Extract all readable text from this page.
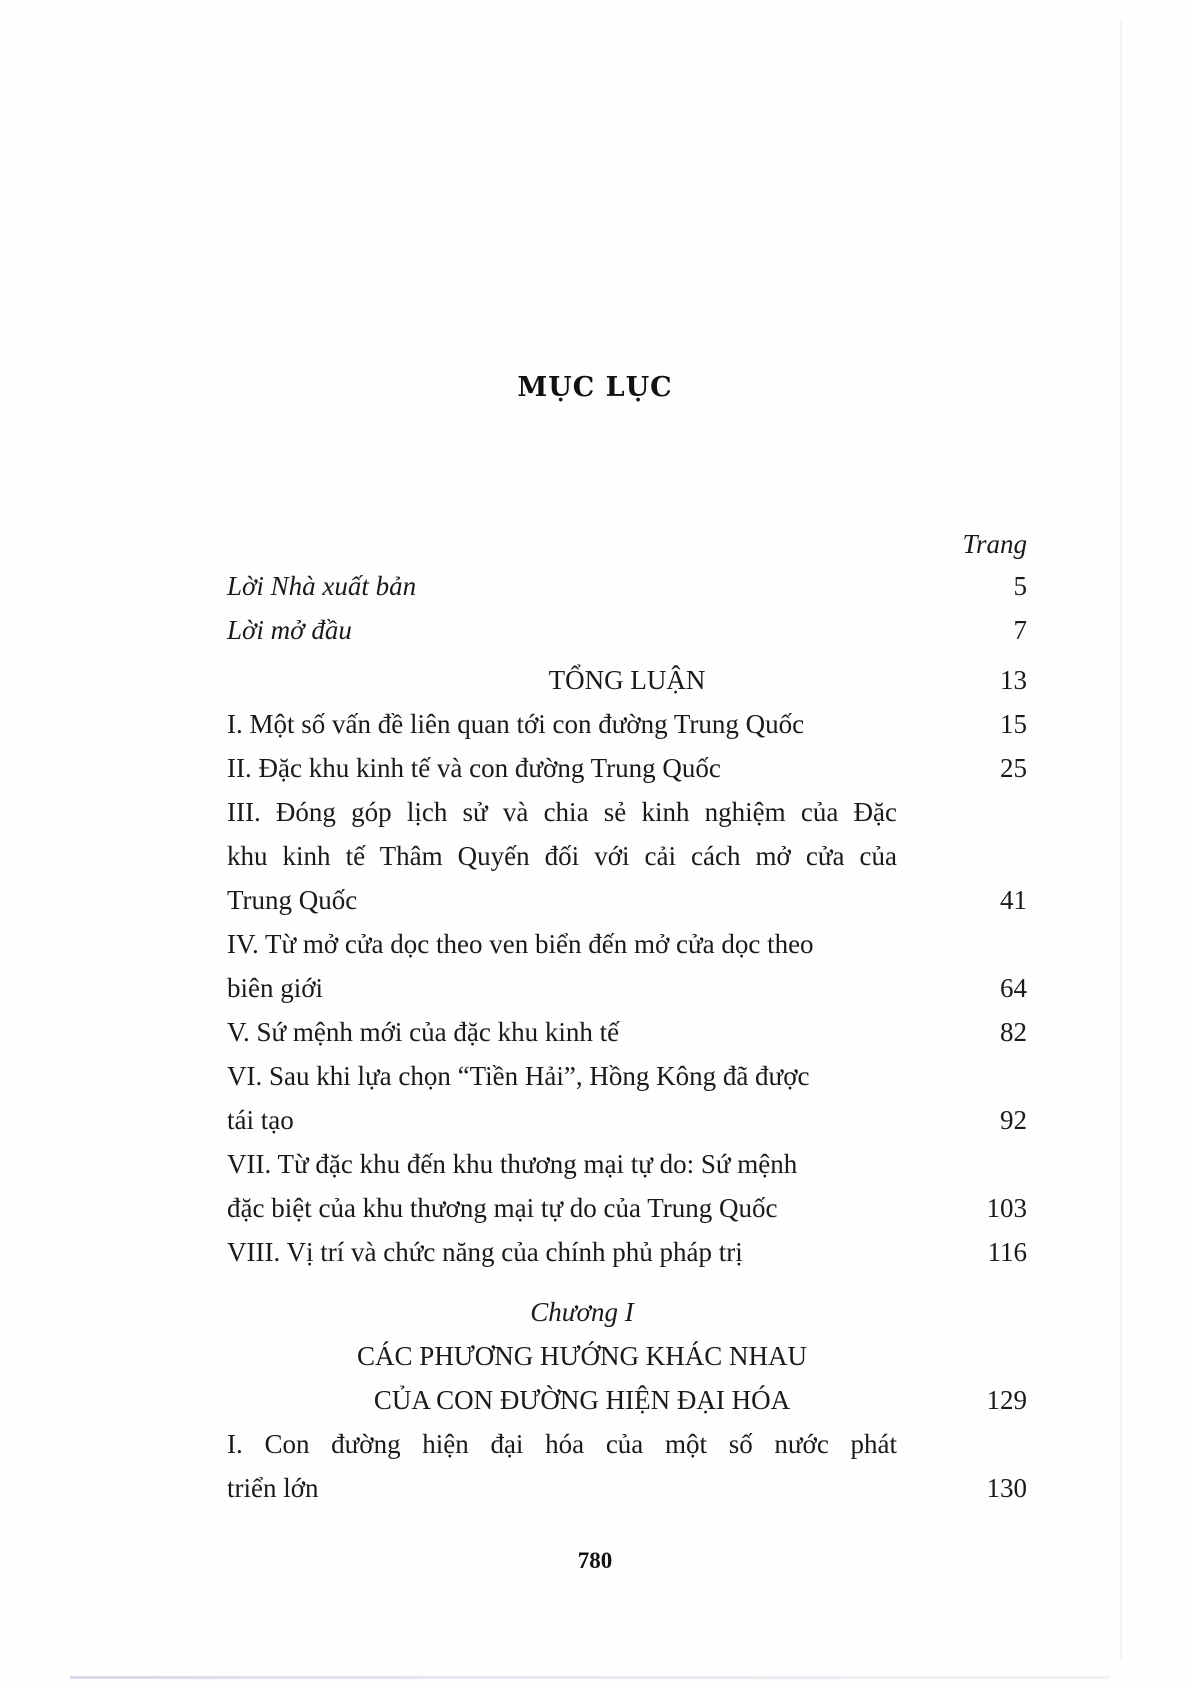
MỤC LỤC
Trang
Lời Nhà xuất bản	5
Lời mở đầu	7
TỔNG LUẬN	13
I. Một số vấn đề liên quan tới con đường Trung Quốc	15
II. Đặc khu kinh tế và con đường Trung Quốc	25
III. Đóng góp lịch sử và chia sẻ kinh nghiệm của Đặc
khu kinh tế Thâm Quyến đối với cải cách mở cửa của
Trung Quốc	41
IV. Từ mở cửa dọc theo ven biển đến mở cửa dọc theo
biên giới	64
V. Sứ mệnh mới của đặc khu kinh tế	82
VI. Sau khi lựa chọn “Tiền Hải”, Hồng Kông đã được
tái tạo	92
VII. Từ đặc khu đến khu thương mại tự do: Sứ mệnh
đặc biệt của khu thương mại tự do của Trung Quốc	103
VIII. Vị trí và chức năng của chính phủ pháp trị	116
Chương I
CÁC PHƯƠNG HƯỚNG KHÁC NHAU
CỦA CON ĐƯỜNG HIỆN ĐẠI HÓA	129
I. Con đường hiện đại hóa của một số nước phát
triển lớn	130
780
